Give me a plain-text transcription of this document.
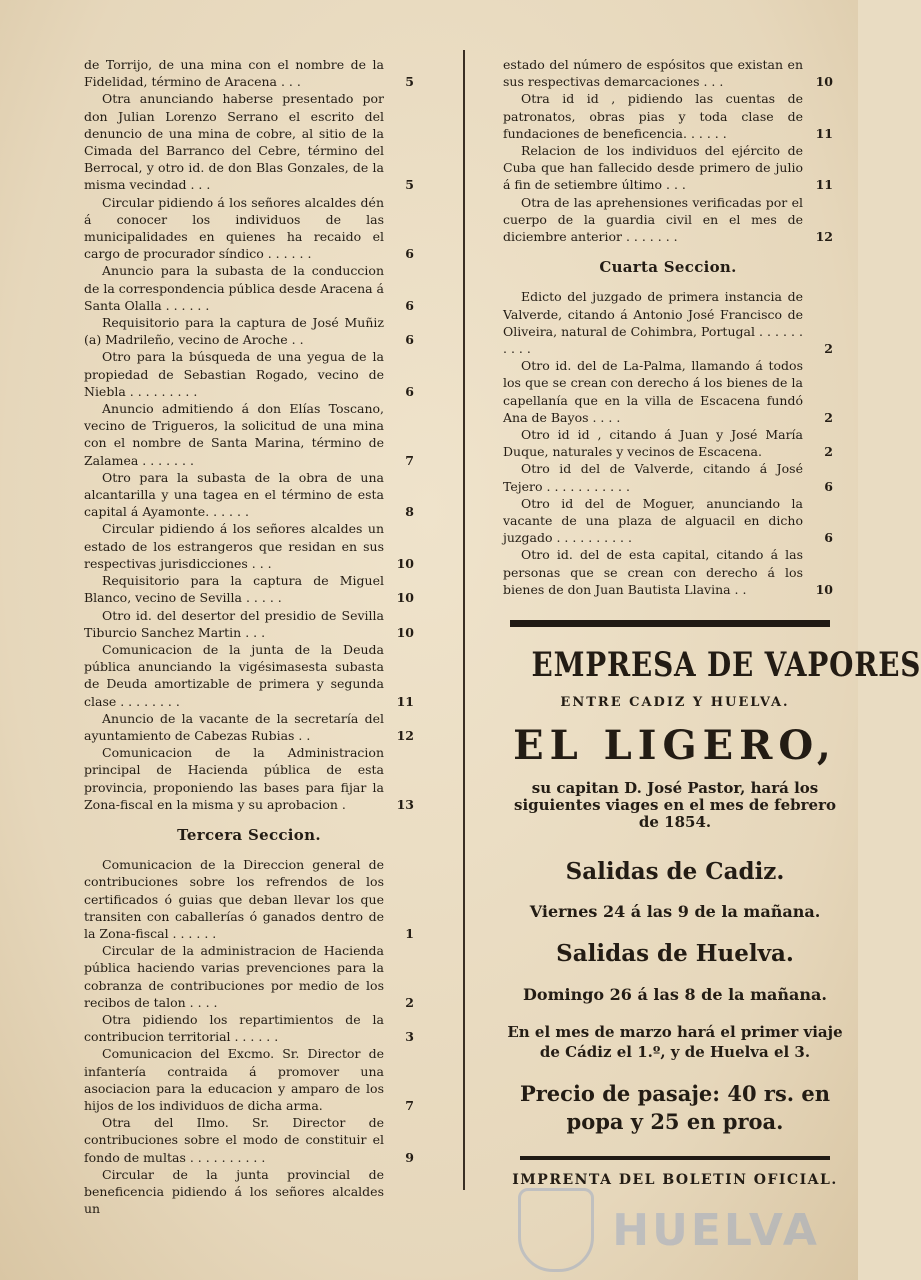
de Torrijo, de una mina con el nombre de la Fidelidad, término de Aracena . . .	5
Otra anunciando haberse presentado por don Julian Lorenzo Serrano el escrito del denuncio de una mina de cobre, al sitio de la Cimada del Barranco del Cebre, término del Berrocal, y otro id. de don Blas Gonzales, de la misma vecindad . . .	5
Circular pidiendo á los señores alcaldes dén á conocer los individuos de las municipalidades en quienes ha recaido el cargo de procurador síndico . . . . . .	6
Anuncio para la subasta de la conduccion de la correspondencia pública desde Aracena á Santa Olalla . . . . . .	6
Requisitorio para la captura de José Muñiz (a) Madrileño, vecino de Aroche . .	6
Otro para la búsqueda de una yegua de la propiedad de Sebastian Rogado, vecino de Niebla . . . . . . . . .	6
Anuncio admitiendo á don Elías Toscano, vecino de Trigueros, la solicitud de una mina con el nombre de Santa Marina, término de Zalamea . . . . . . .	7
Otro para la subasta de la obra de una alcantarilla y una tagea en el término de esta capital á Ayamonte. . . . . .	8
Circular pidiendo á los señores alcaldes un estado de los estrangeros que residan en sus respectivas jurisdicciones . . .	10
Requisitorio para la captura de Miguel Blanco, vecino de Sevilla . . . . .	10
Otro id. del desertor del presidio de Sevilla Tiburcio Sanchez Martin . . .	10
Comunicacion de la junta de la Deuda pública anunciando la vigésimasesta subasta de Deuda amortizable de primera y segunda clase . . . . . . . .	11
Anuncio de la vacante de la secretaría del ayuntamiento de Cabezas Rubias . .	12
Comunicacion de la Administracion principal de Hacienda pública de esta provincia, proponiendo las bases para fijar la Zona-fiscal en la misma y su aprobacion .	13
Tercera Seccion.
Comunicacion de la Direccion general de contribuciones sobre los refrendos de los certificados ó guias que deban llevar los que transiten con caballerías ó ganados dentro de la Zona-fiscal . . . . . .	1
Circular de la administracion de Hacienda pública haciendo varias prevenciones para la cobranza de contribuciones por medio de los recibos de talon . . . .	2
Otra pidiendo los repartimientos de la contribucion territorial . . . . . .	3
Comunicacion del Excmo. Sr. Director de infantería contraida á promover una asociacion para la educacion y amparo de los hijos de los individuos de dicha arma.	7
Otra del Ilmo. Sr. Director de contribuciones sobre el modo de constituir el fondo de multas . . . . . . . . . .	9
Circular de la junta provincial de beneficencia pidiendo á los señores alcaldes un
estado del número de espósitos que existan en sus respectivas demarcaciones . . .	10
Otra id id , pidiendo las cuentas de patronatos, obras pias y toda clase de fundaciones de beneficencia. . . . . .	11
Relacion de los individuos del ejército de Cuba que han fallecido desde primero de julio á fin de setiembre último . . .	11
Otra de las aprehensiones verificadas por el cuerpo de la guardia civil en el mes de diciembre anterior . . . . . . .	12
Cuarta Seccion.
Edicto del juzgado de primera instancia de Valverde, citando á Antonio José Francisco de Oliveira, natural de Cohimbra, Portugal . . . . . . . . . .	2
Otro id. del de La-Palma, llamando á todos los que se crean con derecho á los bienes de la capellanía que en la villa de Escacena fundó Ana de Bayos . . . .	2
Otro id id , citando á Juan y José María Duque, naturales y vecinos de Escacena.	2
Otro id del de Valverde, citando á José Tejero . . . . . . . . . . .	6
Otro id del de Moguer, anunciando la vacante de una plaza de alguacil en dicho juzgado . . . . . . . . . .	6
Otro id. del de esta capital, citando á las personas que se crean con derecho á los bienes de don Juan Bautista Llavina . .	10
EMPRESA DE VAPORES
ENTRE CADIZ Y HUELVA.
EL LIGERO,
su capitan D. José Pastor, hará los siguientes viages en el mes de febrero de 1854.
Salidas de Cadiz.
Viernes 24 á las 9 de la mañana.
Salidas de Huelva.
Domingo 26 á las 8 de la mañana.
En el mes de marzo hará el primer viaje de Cádiz el 1.º, y de Huelva el 3.
Precio de pasaje: 40 rs. en popa y 25 en proa.
IMPRENTA DEL BOLETIN OFICIAL.
HUELVA
